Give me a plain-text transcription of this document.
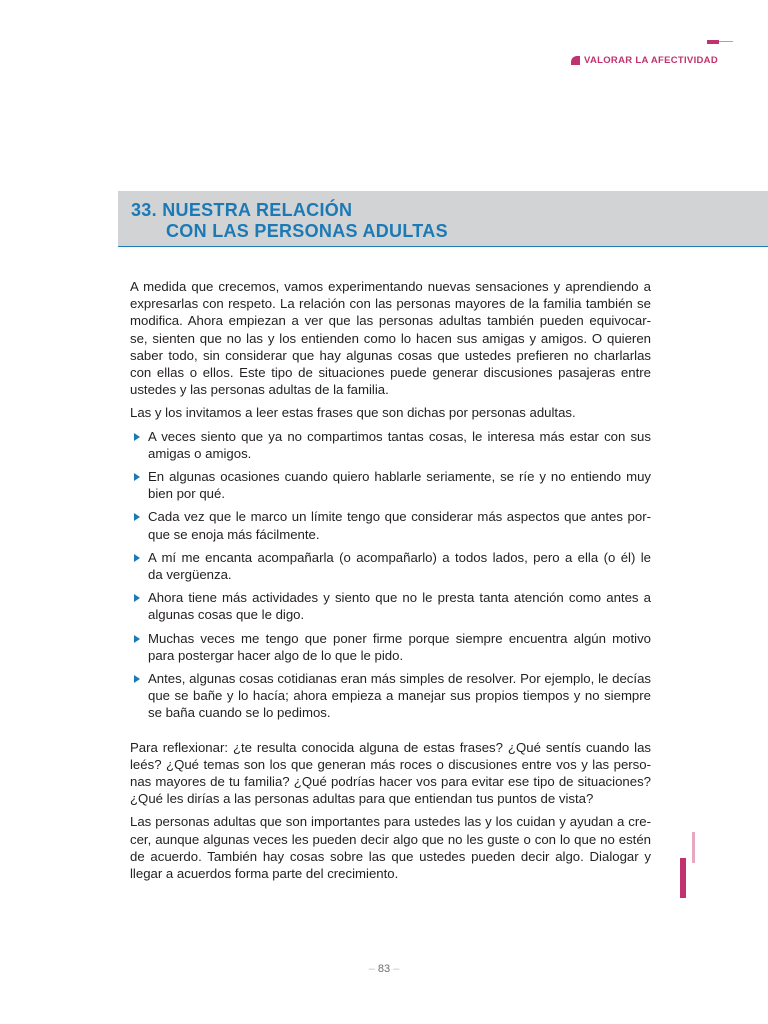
VALORAR LA AFECTIVIDAD
33. NUESTRA RELACIÓN
CON LAS PERSONAS ADULTAS

A medida que crecemos, vamos experimentando nuevas sensaciones y aprendiendo a
expresarlas con respeto. La relación con las personas mayores de la familia también se
modifica. Ahora empiezan a ver que las personas adultas también pueden equivocar-
se, sienten que no las y los entienden como lo hacen sus amigas y amigos. O quieren
saber todo, sin considerar que hay algunas cosas que ustedes prefieren no charlarlas
con ellas o ellos. Este tipo de situaciones puede generar discusiones pasajeras entre
ustedes y las personas adultas de la familia.

Las y los invitamos a leer estas frases que son dichas por personas adultas.

A veces siento que ya no compartimos tantas cosas, le interesa más estar con sus
amigas o amigos.
En algunas ocasiones cuando quiero hablarle seriamente, se ríe y no entiendo muy
bien por qué.
Cada vez que le marco un límite tengo que considerar más aspectos que antes por-
que se enoja más fácilmente.
A mí me encanta acompañarla (o acompañarlo) a todos lados, pero a ella (o él) le
da vergüenza.
Ahora tiene más actividades y siento que no le presta tanta atención como antes a
algunas cosas que le digo.
Muchas veces me tengo que poner firme porque siempre encuentra algún motivo
para postergar hacer algo de lo que le pido.
Antes, algunas cosas cotidianas eran más simples de resolver. Por ejemplo, le decías
que se bañe y lo hacía; ahora empieza a manejar sus propios tiempos y no siempre
se baña cuando se lo pedimos.

Para reflexionar: ¿te resulta conocida alguna de estas frases? ¿Qué sentís cuando las
leés? ¿Qué temas son los que generan más roces o discusiones entre vos y las perso-
nas mayores de tu familia? ¿Qué podrías hacer vos para evitar ese tipo de situaciones?
¿Qué les dirías a las personas adultas para que entiendan tus puntos de vista?

Las personas adultas que son importantes para ustedes las y los cuidan y ayudan a cre-
cer, aunque algunas veces les pueden decir algo que no les guste o con lo que no estén
de acuerdo. También hay cosas sobre las que ustedes pueden decir algo. Dialogar y
llegar a acuerdos forma parte del crecimiento.

– 83 –
